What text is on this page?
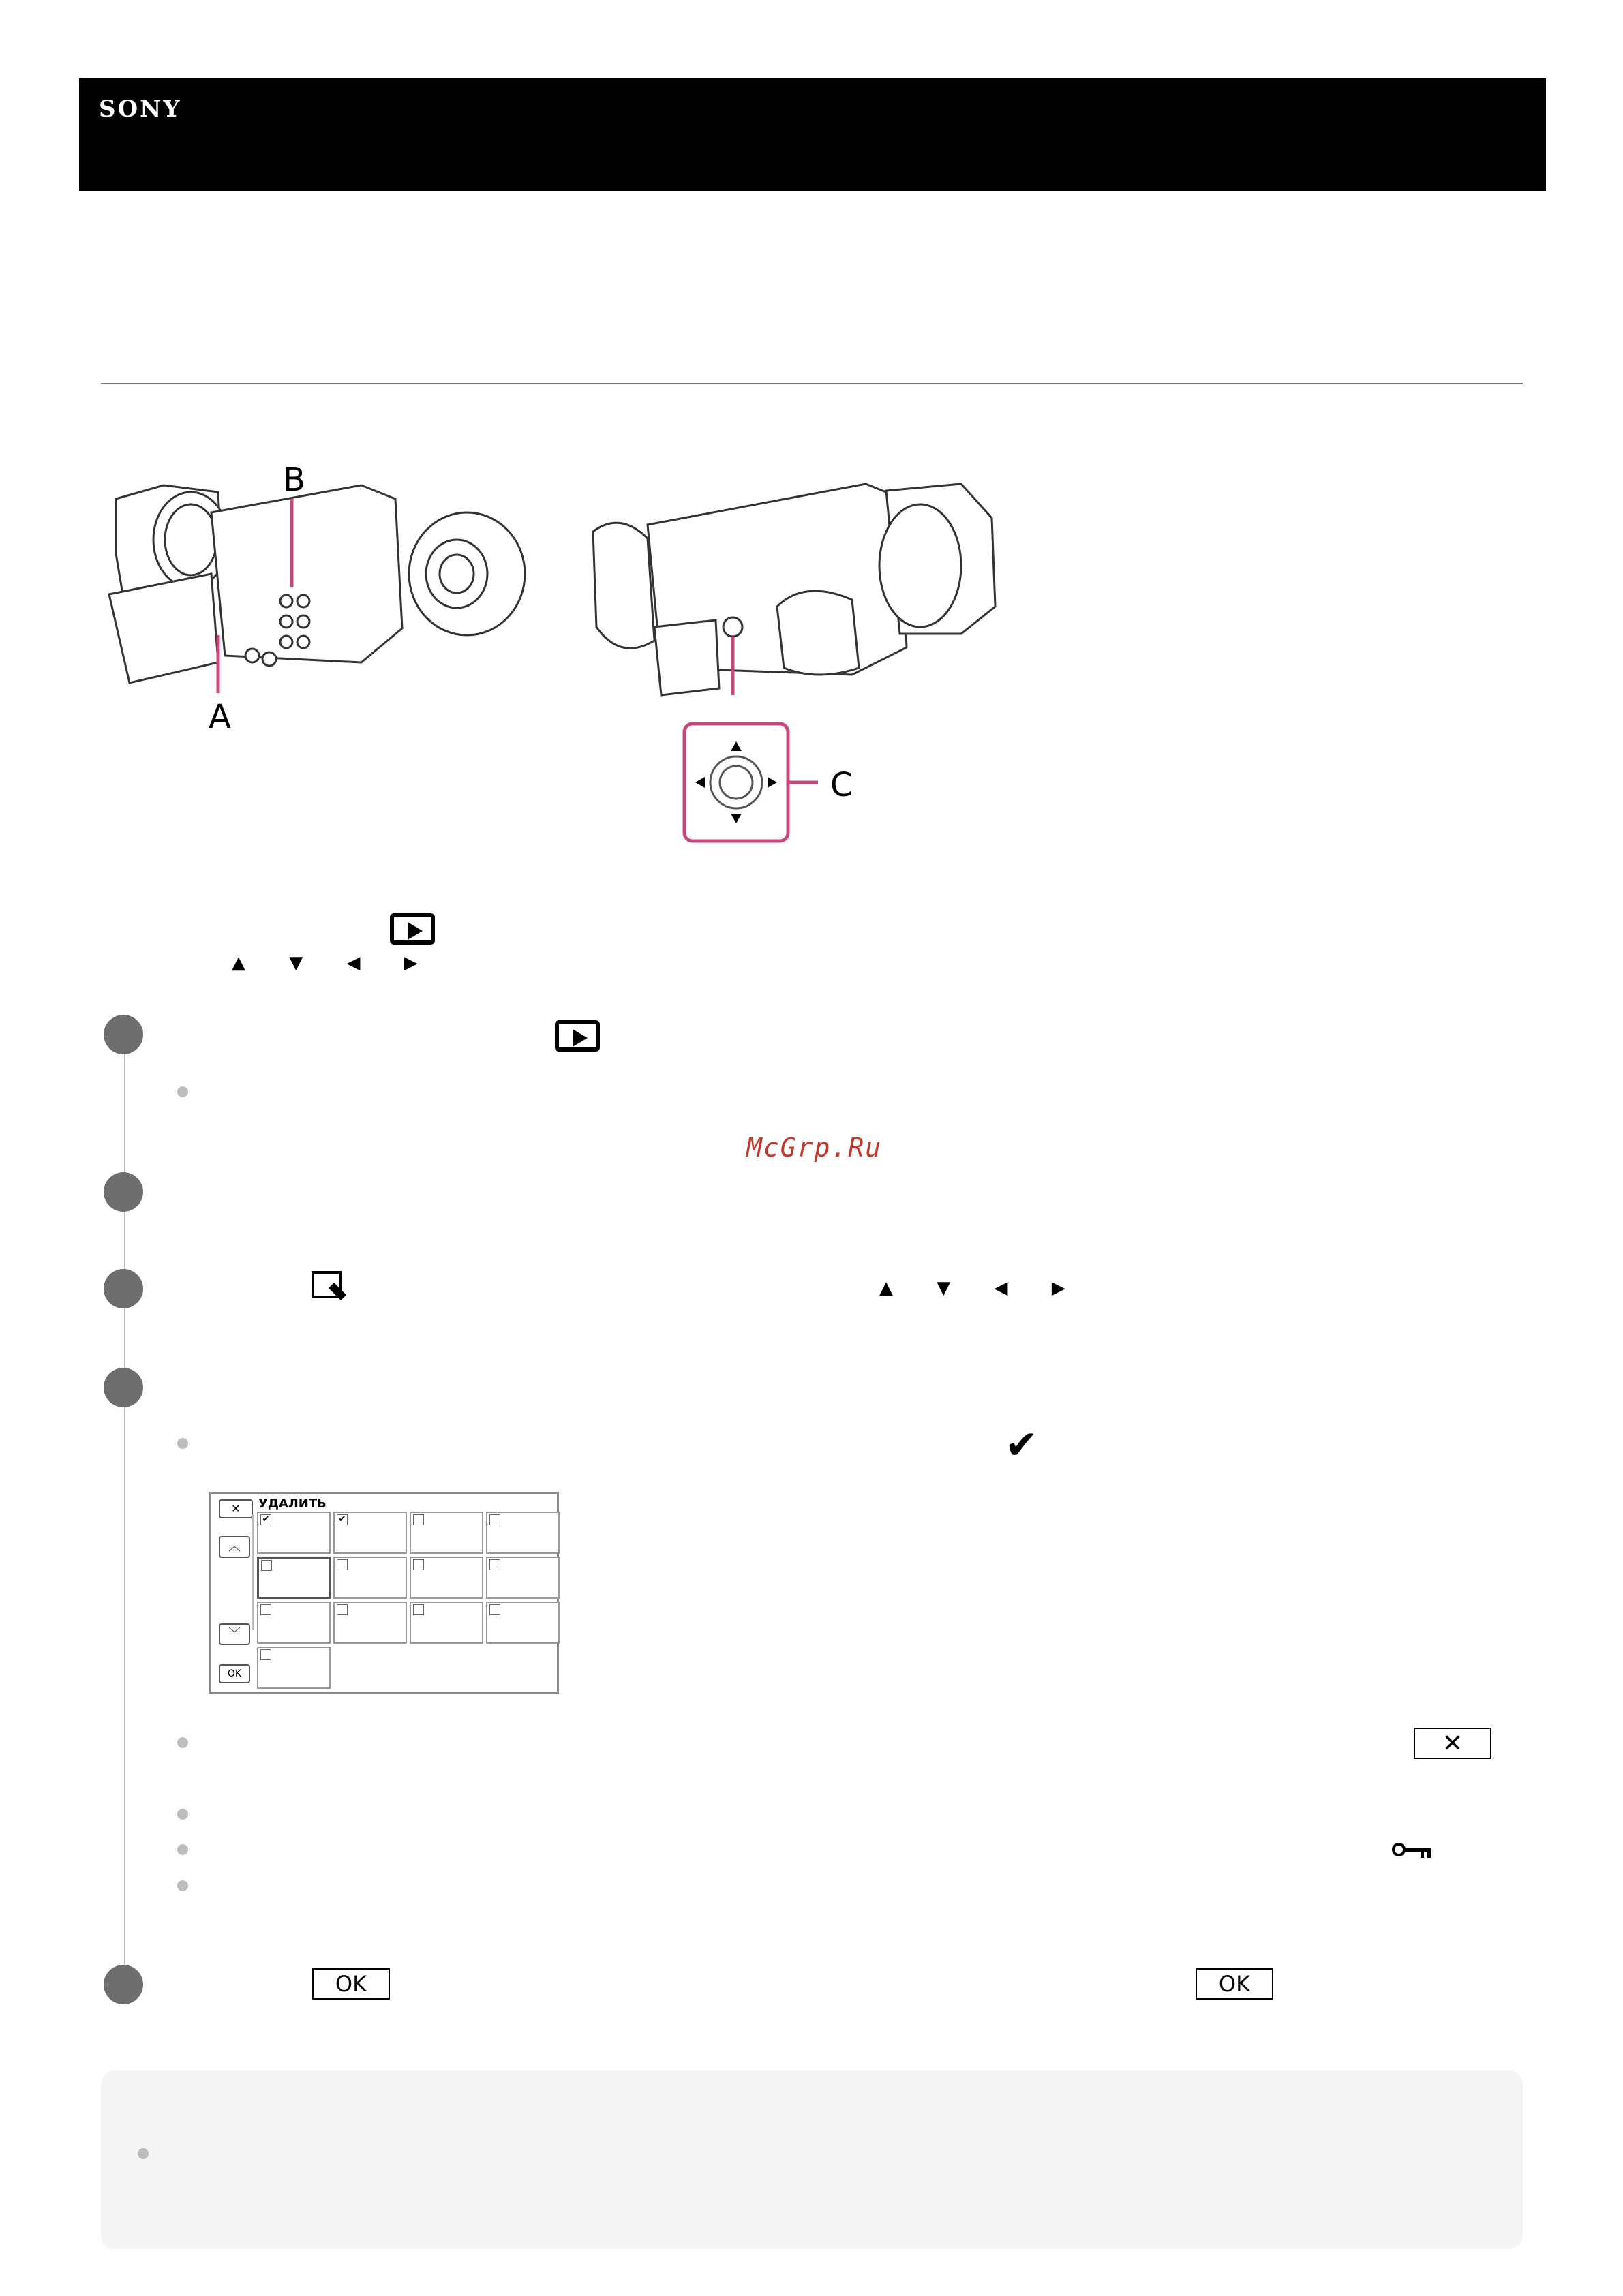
SONY
B
A
C
▲ ▼ ◀ ▶
McGrp.Ru
▲ ▼ ◀ ▶
✔
✕	УДАЛИТЬ
︿
﹀
OK
✔	✔
✕
OK	OK
